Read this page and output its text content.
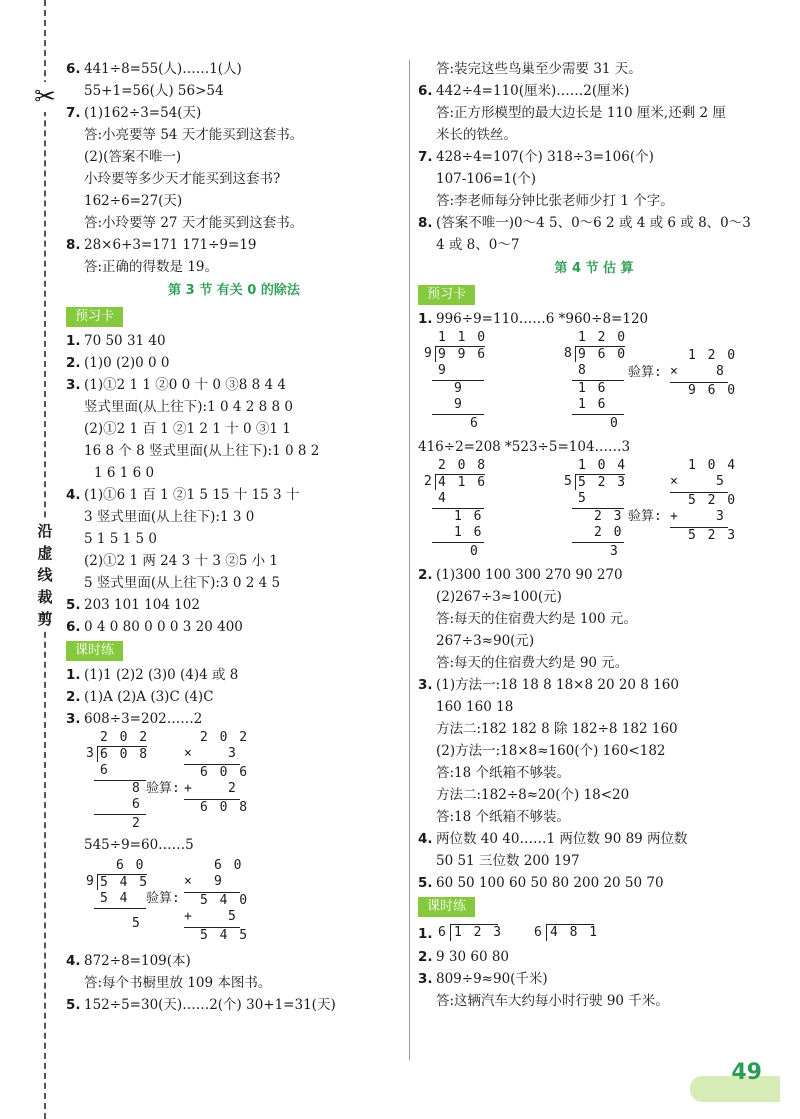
✂
沿
虚
线
裁
剪
6. 441÷8=55(人)……1(人)
55+1=56(人) 56>54
7. (1)162÷3=54(天)
答:小亮要等 54 天才能买到这套书。
(2)(答案不唯一)
小玲要等多少天才能买到这套书?
162÷6=27(天)
答:小玲要等 27 天才能买到这套书。
8. 28×6+3=171 171÷9=19
答:正确的得数是 19。
第 3 节 有关 0 的除法
预习卡
1. 70 50 31 40
2. (1)0 (2)0 0 0
3. (1)①2 1 1 ②0 0 十 0 ③8 8 4 4
竖式里面(从上往下):1 0 4 2 8 8 0
(2)①2 1 百 1 ②1 2 1 十 0 ③1 1
16 8 个 8 竖式里面(从上往下):1 0 8 2
1 6 1 6 0
4. (1)①6 1 百 1 ②1 5 15 十 15 3 十
3 竖式里面(从上往下):1 3 0
5 1 5 1 5 0
(2)①2 1 两 24 3 十 3 ②5 小 1
5 竖式里面(从上往下):3 0 2 4 5
5. 203 101 104 102
6. 0 4 0 80 0 0 0 3 20 400
课时练
1. (1)1 (2)2 (3)0 (4)4 或 8
2. (1)A (2)A (3)C (4)C
3. 608÷3=202……2
2 0 2
3 6 0 8
6
8
6
2
验算:
2 0 2
×	3
6 0 6
+	2
6 0 8
545÷9=60……5
6 0
9 5 4 5
5 4
5
验算:
6 0
× 9
5 4 0
+	5
5 4 5
4. 872÷8=109(本)
答:每个书橱里放 109 本图书。
5. 152÷5=30(天)……2(个) 30+1=31(天)
答:装完这些鸟巢至少需要 31 天。
6. 442÷4=110(厘米)……2(厘米)
答:正方形模型的最大边长是 110 厘米,还剩 2 厘
米长的铁丝。
7. 428÷4=107(个) 318÷3=106(个)
107-106=1(个)
答:李老师每分钟比张老师少打 1 个字。
8. (答案不唯一)0～4 5、0～6 2 或 4 或 6 或 8、0～3
4 或 8、0～7
第 4 节 估 算
预习卡
1. 996÷9=110……6 *960÷8=120
1 1 0
9 9 9 6
9
9
9
6
1 2 0
8 9 6 0
8
1 6
1 6
0
验算:
1 2 0
×	8
9 6 0
416÷2=208 *523÷5=104……3
2 0 8
2 4 1 6
4
1 6
1 6
0
1 0 4
5 5 2 3
5
2 3
2 0
3
验算:
1 0 4
×	5
5 2 0
+	3
5 2 3
2. (1)300 100 300 270 90 270
(2)267÷3≈100(元)
答:每天的住宿费大约是 100 元。
267÷3≈90(元)
答:每天的住宿费大约是 90 元。
3. (1)方法一:18 18 8 18×8 20 20 8 160
160 160 18
方法二:182 182 8 除 182÷8 182 160
(2)方法一:18×8≈160(个) 160<182
答:18 个纸箱不够装。
方法二:182÷8≈20(个) 18<20
答:18 个纸箱不够装。
4. 两位数 40 40……1 两位数 90 89 两位数
50 51 三位数 200 197
5. 60 50 100 60 50 80 200 20 50 70
课时练
1. 6 1 2 3 6 4 8 1
2. 9 30 60 80
3. 809÷9≈90(千米)
答:这辆汽车大约每小时行驶 90 千米。
49
